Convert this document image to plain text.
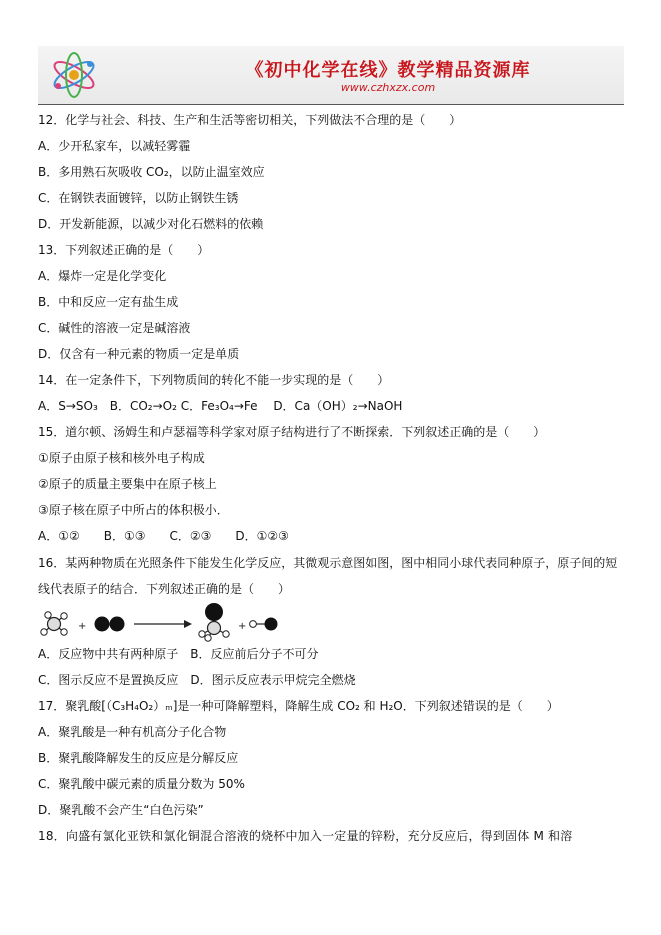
《初中化学在线》教学精品资源库
www.czhxzx.com

12．化学与社会、科技、生产和生活等密切相关，下列做法不合理的是（　　）

A．少开私家车，以减轻雾霾

B．多用熟石灰吸收 CO₂，以防止温室效应

C．在钢铁表面镀锌，以防止钢铁生锈

D．开发新能源，以减少对化石燃料的依赖

13．下列叙述正确的是（　　）

A．爆炸一定是化学变化

B．中和反应一定有盐生成

C．碱性的溶液一定是碱溶液

D．仅含有一种元素的物质一定是单质

14．在一定条件下，下列物质间的转化不能一步实现的是（　　）

A．S→SO₃　B．CO₂→O₂ C．Fe₃O₄→Fe　 D．Ca（OH）₂→NaOH

15．道尔顿、汤姆生和卢瑟福等科学家对原子结构进行了不断探索．下列叙述正确的是（　　）

①原子由原子核和核外电子构成

②原子的质量主要集中在原子核上

③原子核在原子中所占的体积极小．

A．①②　　B．①③　　C．②③　　D．①②③

16．某两种物质在光照条件下能发生化学反应，其微观示意图如图，图中相同小球代表同种原子，原子间的短线代表原子的结合．下列叙述正确的是（　　）

+	+

A．反应物中共有两种原子　B．反应前后分子不可分

C．图示反应不是置换反应　D．图示反应表示甲烷完全燃烧

17．聚乳酸[（C₃H₄O₂）ₘ]是一种可降解塑料，降解生成 CO₂ 和 H₂O．下列叙述错误的是（　　）

A．聚乳酸是一种有机高分子化合物

B．聚乳酸降解发生的反应是分解反应

C．聚乳酸中碳元素的质量分数为 50%

D．聚乳酸不会产生“白色污染”

18．向盛有氯化亚铁和氯化铜混合溶液的烧杯中加入一定量的锌粉，充分反应后，得到固体 M 和溶
